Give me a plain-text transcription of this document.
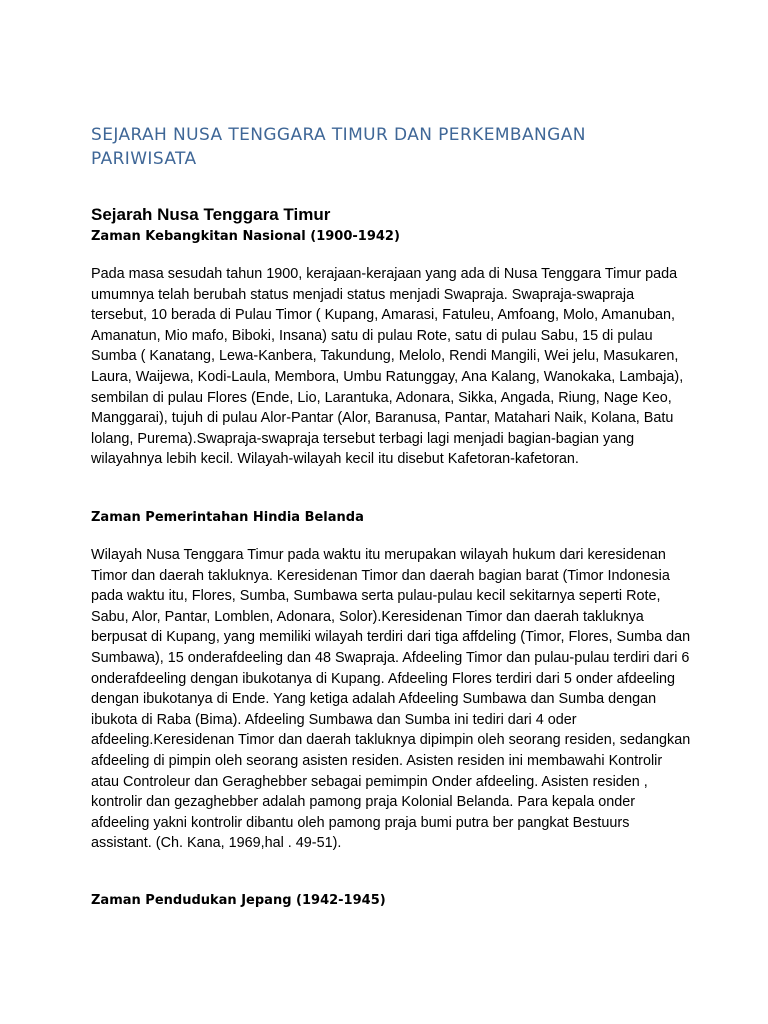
SEJARAH NUSA TENGGARA TIMUR DAN PERKEMBANGAN PARIWISATA
Sejarah Nusa Tenggara Timur
Zaman Kebangkitan Nasional (1900-1942)

Pada masa sesudah tahun 1900, kerajaan-kerajaan yang ada di Nusa Tenggara Timur pada umumnya telah berubah status menjadi status menjadi Swapraja. Swapraja-swapraja tersebut, 10 berada di Pulau Timor ( Kupang, Amarasi, Fatuleu, Amfoang, Molo, Amanuban, Amanatun, Mio mafo, Biboki, Insana) satu di pulau Rote, satu di pulau Sabu, 15 di pulau Sumba ( Kanatang, Lewa-Kanbera, Takundung, Melolo, Rendi Mangili, Wei jelu, Masukaren, Laura, Waijewa, Kodi-Laula, Membora, Umbu Ratunggay, Ana Kalang, Wanokaka, Lambaja), sembilan di pulau Flores (Ende, Lio, Larantuka, Adonara, Sikka, Angada, Riung, Nage Keo, Manggarai), tujuh di pulau Alor-Pantar (Alor, Baranusa, Pantar, Matahari Naik, Kolana, Batu lolang, Purema).Swapraja-swapraja tersebut terbagi lagi menjadi bagian-bagian yang wilayahnya lebih kecil. Wilayah-wilayah kecil itu disebut Kafetoran-kafetoran.

Zaman Pemerintahan Hindia Belanda

Wilayah Nusa Tenggara Timur pada waktu itu merupakan wilayah hukum dari keresidenan Timor dan daerah takluknya. Keresidenan Timor dan daerah bagian barat (Timor Indonesia pada waktu itu, Flores, Sumba, Sumbawa serta pulau-pulau kecil sekitarnya seperti Rote, Sabu, Alor, Pantar, Lomblen, Adonara, Solor).Keresidenan Timor dan daerah takluknya berpusat di Kupang, yang memiliki wilayah terdiri dari tiga affdeling (Timor, Flores, Sumba dan Sumbawa), 15 onderafdeeling dan 48 Swapraja. Afdeeling Timor dan pulau-pulau terdiri dari 6 onderafdeeling dengan ibukotanya di Kupang. Afdeeling Flores terdiri dari 5 onder afdeeling dengan ibukotanya di Ende. Yang ketiga adalah Afdeeling Sumbawa dan Sumba dengan ibukota di Raba (Bima). Afdeeling Sumbawa dan Sumba ini tediri dari 4 oder afdeeling.Keresidenan Timor dan daerah takluknya dipimpin oleh seorang residen, sedangkan afdeeling di pimpin oleh seorang asisten residen. Asisten residen ini membawahi Kontrolir atau Controleur dan Geraghebber sebagai pemimpin Onder afdeeling. Asisten residen , kontrolir dan gezaghebber adalah pamong praja Kolonial Belanda. Para kepala onder afdeeling yakni kontrolir dibantu oleh pamong praja bumi putra ber pangkat Bestuurs assistant. (Ch. Kana, 1969,hal . 49-51).

Zaman Pendudukan Jepang (1942-1945)
